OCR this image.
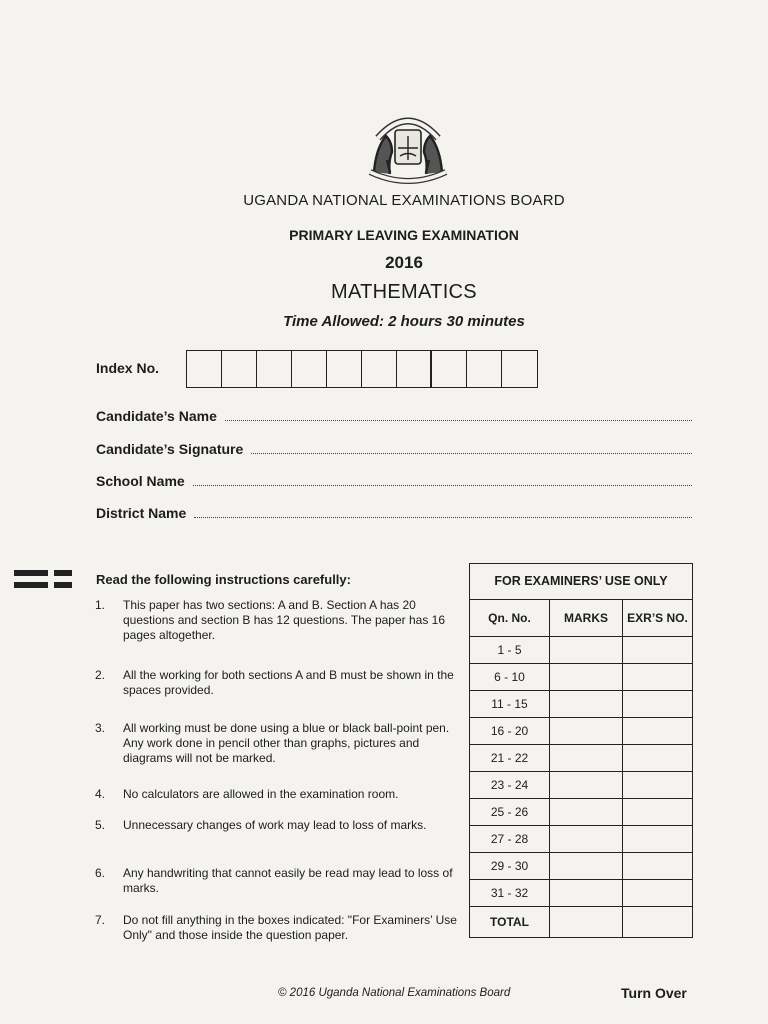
UGANDA NATIONAL EXAMINATIONS BOARD
PRIMARY LEAVING EXAMINATION
2016
MATHEMATICS
Time Allowed: 2 hours 30 minutes
Index No.
Candidate’s Name
Candidate’s Signature
School Name
District Name
Read the following instructions carefully:
1.	This paper has two sections: A and B. Section A has 20 questions and section B has 12 questions. The paper has 16 pages altogether.
2.	All the working for both sections A and B must be shown in the spaces provided.
3.	All working must be done using a blue or black ball-point pen. Any work done in pencil other than graphs, pictures and diagrams will not be marked.
4.	No calculators are allowed in the examination room.
5.	Unnecessary changes of work may lead to loss of marks.
6.	Any handwriting that cannot easily be read may lead to loss of marks.
7.	Do not fill anything in the boxes indicated: "For Examiners’ Use Only" and those inside the question paper.
FOR EXAMINERS’ USE ONLY		
Qn. No.	MARKS	EXR’S NO.
1 - 5		
6 - 10		
11 - 15		
16 - 20		
21 - 22		
23 - 24		
25 - 26		
27 - 28		
29 - 30		
31 - 32		
TOTAL		
© 2016 Uganda National Examinations Board	Turn Over
